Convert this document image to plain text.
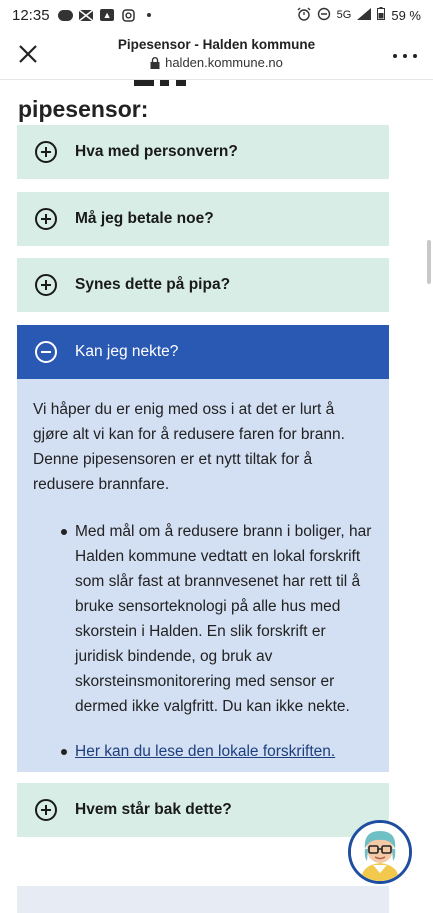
12:35	▲	5G	59 %
Pipesensor - Halden kommune
halden.kommune.no
pipesensor:
Hva med personvern?
Må jeg betale noe?
Synes dette på pipa?
Kan jeg nekte?

Vi håper du er enig med oss i at det er lurt å gjøre alt vi kan for å redusere faren for brann. Denne pipesensoren er et nytt tiltak for å redusere brannfare.

Med mål om å redusere brann i boliger, har Halden kommune vedtatt en lokal forskrift som slår fast at brannvesenet har rett til å bruke sensorteknologi på alle hus med skorstein i Halden. En slik forskrift er juridisk bindende, og bruk av skorsteinsmonitorering med sensor er dermed ikke valgfritt. Du kan ikke nekte.
Her kan du lese den lokale forskriften.
Hvem står bak dette?
